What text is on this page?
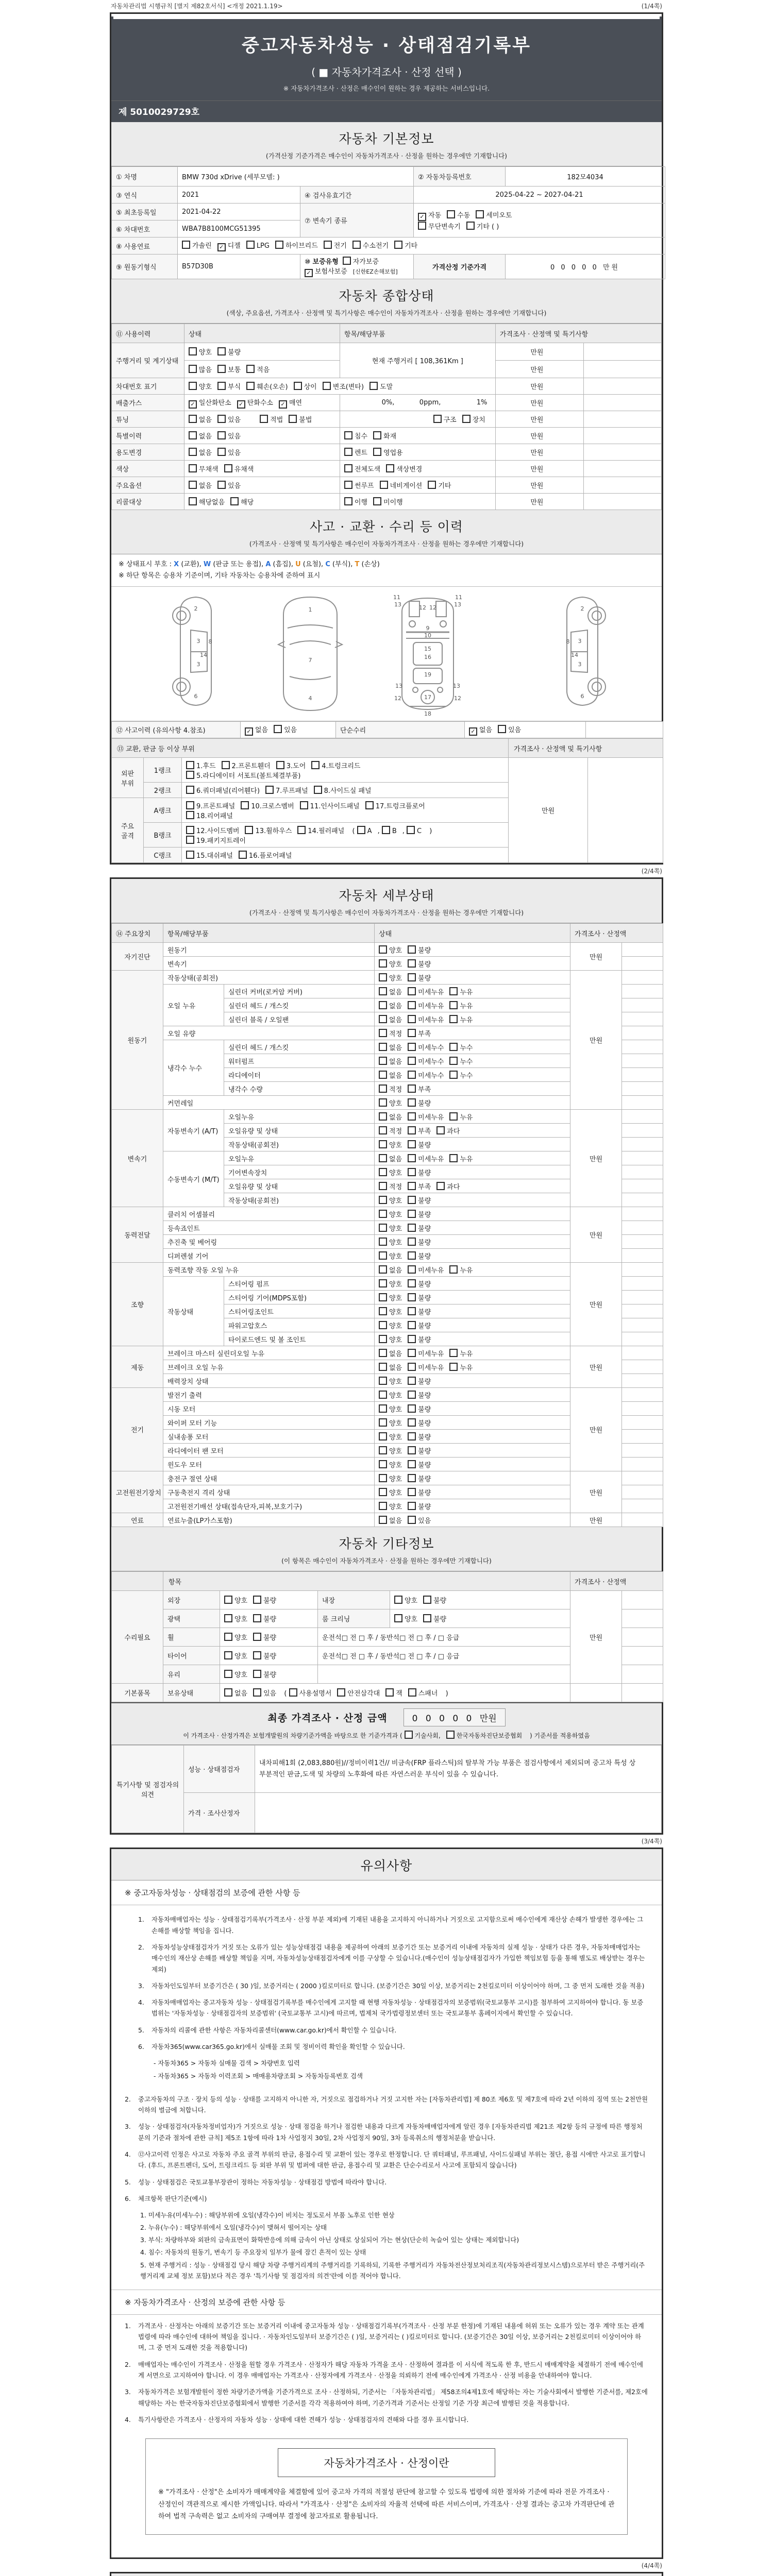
자동차관리법 시행규칙 [별지 제82호서식] <개정 2021.1.19>	(1/4쪽)
중고자동차성능 · 상태점검기록부
( ■ 자동차가격조사 · 산정 선택 )
※ 자동차가격조사 · 산정은 매수인이 원하는 경우 제공하는 서비스입니다.
제 5010029729호
자동차 기본정보
(가격산정 기준가격은 매수인이 자동차가격조사 · 산정을 원하는 경우에만 기재합니다)
① 차명	BMW 730d xDrive (세부모델: )		② 자동차등록번호	182모4034
③ 연식	2021	④ 검사유효기간	2025-04-22 ~ 2027-04-21	
⑤ 최초등록일	2021-04-22	⑦ 변속기 종류	✓ 자동 수동 세미오토
무단변속기 기타 ( )	
⑥ 차대번호	WBA7B8100MCG51395			
⑧ 사용연료	가솔린 ✓ 디젤 LPG 하이브리드 전기 수소전기 기타			
⑨ 원동기형식	B57D30B	⑩ 보증유형 자가보증✓ 보험사보증 [신한EZ손해보험]	가격산정 기준가격	0 0 0 0 0 만원
자동차 종합상태
(색상, 주요옵션, 가격조사 · 산정액 및 특기사항은 매수인이 자동차가격조사 · 산정을 원하는 경우에만 기재합니다)
⑪ 사용이력	상태	항목/해당부품	가격조사 · 산정액 및 특기사항	
주행거리 및 계기상태	양호 불량	현재 주행거리 [ 108,361Km ]	만원	
	많음 보통 적음		만원	
차대번호 표기	양호 부식 훼손(오손) 상이 변조(변타) 도말		만원	
배출가스	✓ 일산화탄소 ✓ 탄화수소 ✓ 매연	0%, 0ppm, 1%	만원	
튜닝	없음 있음 적법 불법	구조 장치	만원	
특별이력	없음 있음	침수 화재	만원	
용도변경	없음 있음	렌트 영업용	만원	
색상	무채색 유채색	전체도색 색상변경	만원	
주요옵션	없음 있음	썬루프 네비게이션 기타	만원	
리콜대상	해당없음 해당	이행 미이행	만원	
사고 · 교환 · 수리 등 이력
(가격조사 · 산정액 및 특기사항은 매수인이 자동차가격조사 · 산정을 원하는 경우에만 기재합니다)
※ 상태표시 부호 : X (교환), W (판금 또는 용접), A (흠집), U (요철), C (부식), T (손상)
※ 하단 항목은 승용차 기준이며, 기타 자동차는 승용차에 준하여 표시
2
8
3
14
3
6
1
7
4
13	13
12 12
11	11
9
10
15
16
13	13
19
17
12	12
18
2
8 3
14
3
6
⑫ 사고이력 (유의사항 4.참조)	✓ 없음 있음	단순수리	✓ 없음 있음	
⑬ 교환, 판금 등 이상 부위			가격조사 · 산정액 및 특기사항	
외판
부위	1랭크	1.후드 2.프론트휀더 3.도어 4.트렁크리드
5.라디에이터 서포트(볼트체결부품)	만원	
	2랭크	6.쿼더패널(리어휀다) 7.루프패널 8.사이드실 패널		
주요
골격	A랭크	9.프론트패널 10.크로스멤버 11.인사이드패널 17.트렁크플로어
18.리어패널		
	B랭크	12.사이드멤버 13.휠하우스 14.필러패널 ( A , B , C )
19.패키지트레이		
	C랭크	15.대쉬패널 16.플로어패널		
(2/4쪽)
자동차 세부상태
(가격조사 · 산정액 및 특기사항은 매수인이 자동차가격조사 · 산정을 원하는 경우에만 기재합니다)
⑭ 주요장치	항목/해당부품		상태	가격조사 · 산정액	
자기진단	원동기		양호 불량	만원	
	변속기		양호 불량		
원동기	작동상태(공회전)		양호 불량	만원	
	오일 누유	실린더 커버(로커암 커버)	없음 미세누유 누유		
		실린더 헤드 / 개스킷	없음 미세누유 누유		
		실린더 블록 / 오일팬	없음 미세누유 누유		
	오일 유량		적정 부족		
	냉각수 누수	실린더 헤드 / 개스킷	없음 미세누수 누수		
		워터펌프	없음 미세누수 누수		
		라디에이터	없음 미세누수 누수		
		냉각수 수량	적정 부족		
	커먼레일		양호 불량		
변속기	자동변속기 (A/T)	오일누유	없음 미세누유 누유	만원	
		오일유량 및 상태	적정 부족 과다		
		작동상태(공회전)	양호 불량		
	수동변속기 (M/T)	오일누유	없음 미세누유 누유		
		기어변속장치	양호 불량		
		오일유량 및 상태	적정 부족 과다		
		작동상태(공회전)	양호 불량		
동력전달	클러치 어셈블리		양호 불량	만원	
	등속죠인트		양호 불량		
	추진축 및 베어링		양호 불량		
	디퍼렌셜 기어		양호 불량		
조향	동력조향 작동 오일 누유		없음 미세누유 누유	만원	
	작동상태	스티어링 펌프	양호 불량		
		스티어링 기어(MDPS포함)	양호 불량		
		스티어링조인트	양호 불량		
		파워고압호스	양호 불량		
		타이로드엔드 및 볼 조인트	양호 불량		
제동	브레이크 마스터 실린더오일 누유		없음 미세누유 누유	만원	
	브레이크 오일 누유		없음 미세누유 누유		
	배력장치 상태		양호 불량		
전기	발전기 출력		양호 불량	만원	
	시동 모터		양호 불량		
	와이퍼 모터 기능		양호 불량		
	실내송풍 모터		양호 불량		
	라디에이터 팬 모터		양호 불량		
	윈도우 모터		양호 불량		
고전원전기장치	충전구 절연 상태		양호 불량	만원	
	구동축전지 격리 상태		양호 불량		
	고전원전기배선 상태(접속단자,피복,보호기구)		양호 불량		
연료	연료누출(LP가스포함)		없음 있음	만원	
자동차 기타정보
(이 항목은 매수인이 자동차가격조사 · 산정을 원하는 경우에만 기재합니다)
	항목				가격조사 · 산정액	
수리필요	외장	양호 불량	내장	양호 불량	만원	
	광택	양호 불량	룸 크리닝	양호 불량		
	휠	양호 불량	운전석□ 전 □ 후 / 동반석□ 전 □ 후 / □ 응급			
	타이어	양호 불량	운전석□ 전 □ 후 / 동반석□ 전 □ 후 / □ 응급			
	유리	양호 불량				
기본품목	보유상태	없음 있음 ( 사용설명서 안전삼각대 잭 스패너 )				
최종 가격조사 · 산정 금액	0 0 0 0 0 만원
이 가격조사 · 산정가격은 보험개발원의 차량기준가액을 바탕으로 한 기준가격과 ( 기술사회,	한국자동차진단보증협회 ) 기준서를 적용하였음
특기사항 및 점검자의 의견	성능 · 상태점검자	내차피해1회 (2,083,880원)//정비이력1건// 비금속(FRP 플라스틱)의 탈부착 가능 부품은 점검사항에서 제외되며 중고차 특성 상 부분적인 판금,도색 및 차량의 노후화에 따른 자연스러운 부식이 있을 수 있습니다.
	가격 · 조사산정자	
(3/4쪽)
유의사항
※ 중고자동차성능 · 상태점검의 보증에 관한 사항 등
1.	자동차매매업자는 성능 · 상태점검기록부(가격조사 · 산정 부분 제외)에 기재된 내용을 고지하지 아니하거나 거짓으로 고지함으로써 매수인에게 재산상 손해가 발생한 경우에는 그 손해를 배상할 책임을 집니다.
2.	자동차성능상태점검자가 거짓 또는 오류가 있는 성능상태점검 내용을 제공하여 아래의 보증기간 또는 보증거리 이내에 자동차의 실제 성능 · 상태가 다른 경우, 자동차매매업자는 매수인의 재산상 손해를 배상할 책임을 지며, 자동차성능상태점검자에게 이를 구상할 수 있습니다.(매수인이 성능상태점검자가 가입한 책임보험 등을 통해 별도로 배상받는 경우는 제외)
3.	자동차인도일부터 보증기간은 ( 30 )일, 보증거리는 ( 2000 )킬로미터로 합니다. (보증기간은 30일 이상, 보증거리는 2천킬로미터 이상이어야 하며, 그 중 먼저 도래한 것을 적용)
4.	자동차매매업자는 중고자동차 성능 · 상태점검기록부를 매수인에게 고지할 때 현행 자동차성능 · 상태점검자의 보증범위(국토교통부 고시)를 첨부하여 고지하여야 합니다. 동 보증범위는 '자동차성능 · 상태점검자의 보증범위' (국토교통부 고시)에 따르며, 법제처 국가법령정보센터 또는 국토교통부 홈페이지에서 확인할 수 있습니다.
5.	자동차의 리콜에 관한 사항은 자동차리콜센터(www.car.go.kr)에서 확인할 수 있습니다.
6.	자동차365(www.car365.go.kr)에서 실매물 조회 및 정비이력 확인을 확인할 수 있습니다.
- 자동차365 > 자동차 실매물 검색 > 차량번호 입력
- 자동차365 > 자동차 이력조회 > 매매용차량조회 > 자동차등록번호 검색
2.	중고자동차의 구조 · 장치 등의 성능 · 상태를 고지하지 아니한 자, 거짓으로 점검하거나 거짓 고지한 자는 [자동차관리법] 제 80조 제6호 및 제7호에 따라 2년 이하의 징역 또는 2천만원 이하의 벌금에 처합니다.
3.	성능 · 상태점검자(자동차정비업자)가 거짓으로 성능 · 상태 점검을 하거나 점검한 내용과 다르게 자동차매매업자에게 알린 경우 [자동차관리법 제21조 제2항 등의 규정에 따른 행정처분의 기준과 절차에 관한 규칙] 제5조 1항에 따라 1차 사업정지 30일, 2차 사업정지 90일, 3차 등록취소의 행정처분을 받습니다.
4.	⑫사고이력 인정은 사고로 자동차 주요 골격 부위의 판금, 용접수리 및 교환이 있는 경우로 한정합니다. 단 쿼터패널, 루프패널, 사이드실패널 부위는 절단, 용접 시에만 사고로 표기합니다. (후드, 프론트펜더, 도어, 트렁크리드 등 외판 부위 및 범퍼에 대한 판금, 용접수리 및 교환은 단순수리로서 사고에 포함되지 않습니다)
5.	성능 · 상태점검은 국토교통부장관이 정하는 자동차성능 · 상태점검 방법에 따라야 합니다.
6.	체크항목 판단기준(예시)
1. 미세누유(미세누수) : 해당부위에 오일(냉각수)이 비치는 정도로서 부품 노후로 인한 현상
2. 누유(누수) : 해당부위에서 오일(냉각수)이 맺혀서 떨어지는 상태
3. 부식: 차량하부와 외판의 금속표면이 화학반응에 의해 금속이 아닌 상태로 상실되어 가는 현상(단순히 녹슬어 있는 상태는 제외합니다)
4. 침수: 자동차의 원동기, 변속기 등 주요장치 일부가 물에 잠긴 흔적이 있는 상태
5. 현재 주행거리 : 성능 · 상태점검 당시 해당 차량 주행거리계의 주행거리를 기록하되, 기록한 주행거리가 자동차전산정보처리조직(자동차관리정보시스템)으로부터 받은 주행거리(주행거리계 교체 정보 포함)보다 적은 경우 '특기사항 및 점검자의 의견'란에 이를 적어야 합니다.
※ 자동차가격조사 · 산정의 보증에 관한 사항 등
1.	가격조사 · 산정자는 아래의 보증기간 또는 보증거리 이내에 중고자동차 성능 · 상태점검기록부(가격조사 · 산정 부분 한정)에 기재된 내용에 허위 또는 오류가 있는 경우 계약 또는 관계법령에 따라 매수인에 대하여 책임을 집니다. · 자동차인도일부터 보증기간은 ( )일, 보증거리는 ( )킬로미터로 합니다. (보증기간은 30일 이상, 보증거리는 2천킬로미터 이상이어야 하며, 그 중 먼저 도래한 것을 적용합니다)
2.	매매업자는 매수인이 가격조사 · 산정을 원할 경우 가격조사 · 산정자가 해당 자동차 가격을 조사 · 산정하여 결과를 이 서식에 적도록 한 후, 반드시 매매계약을 체결하기 전에 매수인에게 서면으로 고지하여야 합니다. 이 경우 매매업자는 가격조사 · 산정자에게 가격조사 · 산정을 의뢰하기 전에 매수인에게 가격조사 · 산정 비용을 안내하여야 합니다.
3.	자동차가격은 보험개발원이 정한 차량기준가액을 기준가격으로 조사 · 산정하되, 기준서는 「자동차관리법」 제58조의4제1호에 해당하는 자는 기술사회에서 발행한 기준서를, 제2호에 해당하는 자는 한국자동차진단보증협회에서 발행한 기준서를 각각 적용하여야 하며, 기준가격과 기준서는 산정일 기준 가장 최근에 발행된 것을 적용합니다.
4.	특기사항란은 가격조사 · 산정자의 자동차 성능 · 상태에 대한 견해가 성능 · 상태점검자의 견해와 다를 경우 표시합니다.
자동차가격조사 · 산정이란
※ "가격조사 · 산정"은 소비자가 매매계약을 체결함에 있어 중고차 가격의 적절성 판단에 참고할 수 있도록 법령에 의한 절차와 기준에 따라 전문 가격조사 · 산정인이 객관적으로 제시한 가액입니다. 따라서 "가격조사 · 산정"은 소비자의 자율적 선택에 따른 서비스이며, 가격조사 · 산정 결과는 중고차 가격판단에 관하여 법적 구속력은 없고 소비자의 구매여부 결정에 참고자료로 활용됩니다.
(4/4쪽)
